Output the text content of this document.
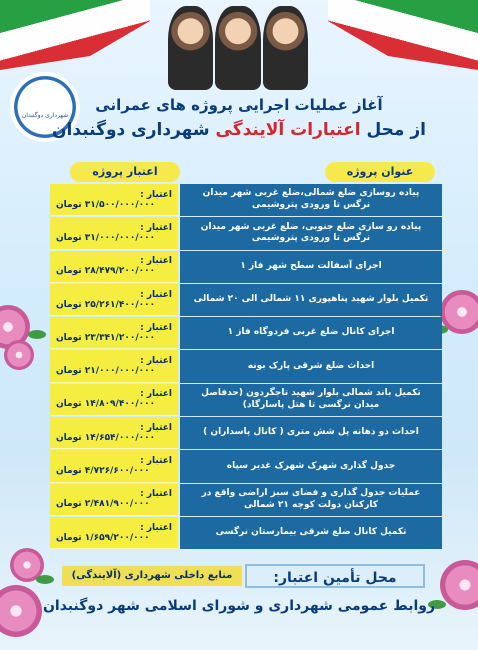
شهرداری دوگنبدان
آغاز عملیات اجرایی پروژه های عمرانی
از محل اعتبارات آلایندگی شهرداری دوگنبدان
اعتبار پروژه	عنوان پروژه
اعتبار :
۳۱/۵۰۰/۰۰۰/۰۰۰ تومان
پیاده روسازی ضلع شمالی،ضلع غربی شهر میدان نرگس تا ورودی پتروشیمی
اعتبار :
۳۱/۰۰۰/۰۰۰/۰۰۰ تومان
پیاده رو سازی ضلع جنوبی، ضلع غربی شهر میدان نرگس تا ورودی پتروشیمی
اعتبار :
۲۸/۴۷۹/۲۰۰/۰۰۰ تومان
اجرای آسفالت سطح شهر فاز ۱
اعتبار :
۲۵/۲۶۱/۴۰۰/۰۰۰ تومان
تکمیل بلوار شهید پناهپوری ۱۱ شمالی الی ۲۰ شمالی
اعتبار :
۲۳/۳۴۱/۲۰۰/۰۰۰ تومان
اجرای کانال ضلع غربی فردوگاه فاز ۱
اعتبار :
۲۱/۰۰۰/۰۰۰/۰۰۰ تومان
احداث ضلع شرقی پارک بونه
اعتبار :
۱۴/۸۰۹/۴۰۰/۰۰۰ تومان
تکمیل باند شمالی بلوار شهید تاجگردون (حدفاصل میدان نرگسی تا هتل پاسارگاد)
اعتبار :
۱۴/۶۵۴/۰۰۰/۰۰۰ تومان
احداث دو دهانه پل شش متری ( کانال پاسداران )
اعتبار :
۴/۷۲۶/۶۰۰/۰۰۰ تومان
جدول گذاری شهرک شهرک غدیر سپاه
اعتبار :
۲/۴۸۱/۹۰۰/۰۰۰ تومان
عملیات جدول گذاری و فضای سبز اراضی واقع در کارکنان دولت کوچه ۲۱ شمالی
اعتبار :
۱/۶۵۹/۲۰۰/۰۰۰ تومان
تکمیل کانال ضلع شرقی بیمارستان نرگسی
منابع داخلی شهرداری (آلایندگی)	محل تأمین اعتبار:
روابط عمومی شهرداری و شورای اسلامی شهر دوگنبدان
